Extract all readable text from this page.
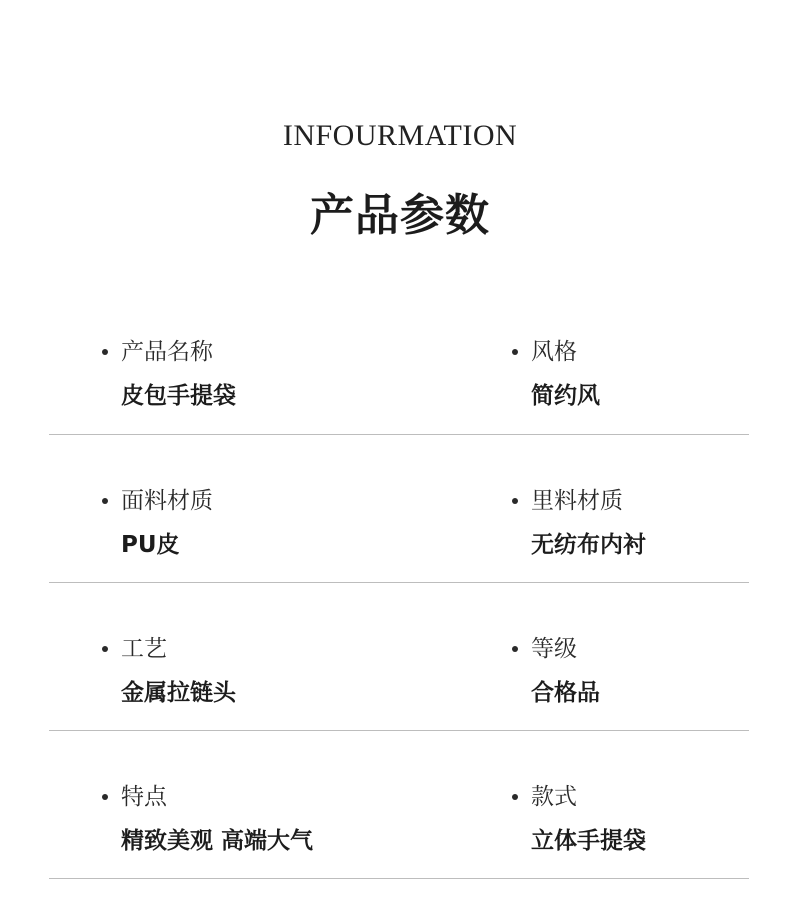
INFOURMATION
产品参数
产品名称
皮包手提袋
风格
简约风
面料材质
PU皮
里料材质
无纺布内衬
工艺
金属拉链头
等级
合格品
特点
精致美观 高端大气
款式
立体手提袋
